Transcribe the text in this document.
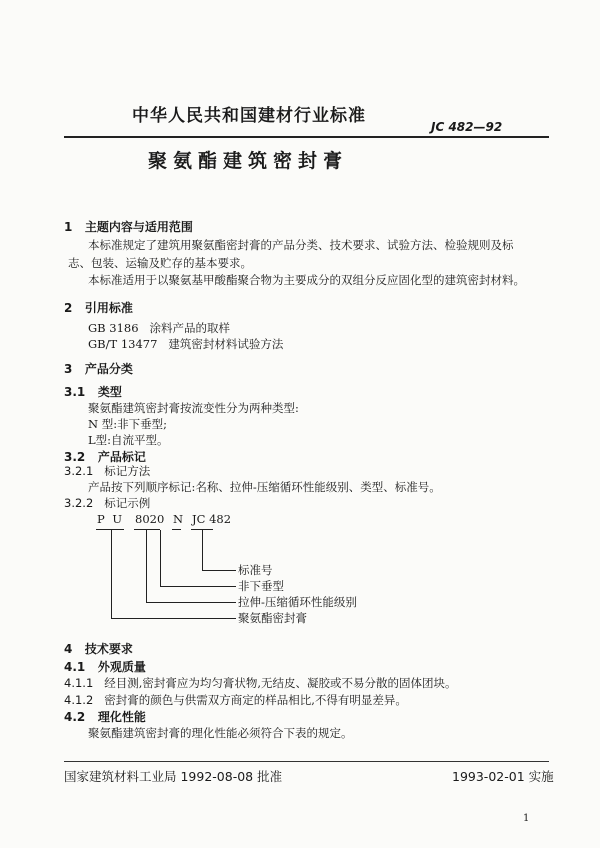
中华人民共和国建材行业标准
JC 482—92
聚氨酯建筑密封膏
1 主题内容与适用范围
本标准规定了建筑用聚氨酯密封膏的产品分类、技术要求、试验方法、检验规则及标志、包装、运输及贮存的基本要求。
本标准适用于以聚氨基甲酸酯聚合物为主要成分的双组分反应固化型的建筑密封材料。
2 引用标准
GB 3186 涂料产品的取样
GB/T 13477 建筑密封材料试验方法
3 产品分类
3.1 类型
聚氨酯建筑密封膏按流变性分为两种类型:
N 型:非下垂型;
L型:自流平型。
3.2 产品标记
3.2.1 标记方法
产品按下列顺序标记:名称、拉伸-压缩循环性能级别、类型、标准号。
3.2.2 标记示例
P U 8020 N JC 482
标准号
非下垂型
拉伸-压缩循环性能级别
聚氨酯密封膏
4 技术要求
4.1 外观质量
4.1.1 经目测,密封膏应为均匀膏状物,无结皮、凝胶或不易分散的固体团块。
4.1.2 密封膏的颜色与供需双方商定的样品相比,不得有明显差异。
4.2 理化性能
聚氨酯建筑密封膏的理化性能必须符合下表的规定。
国家建筑材料工业局 1992-08-08 批准	1993-02-01 实施
1
